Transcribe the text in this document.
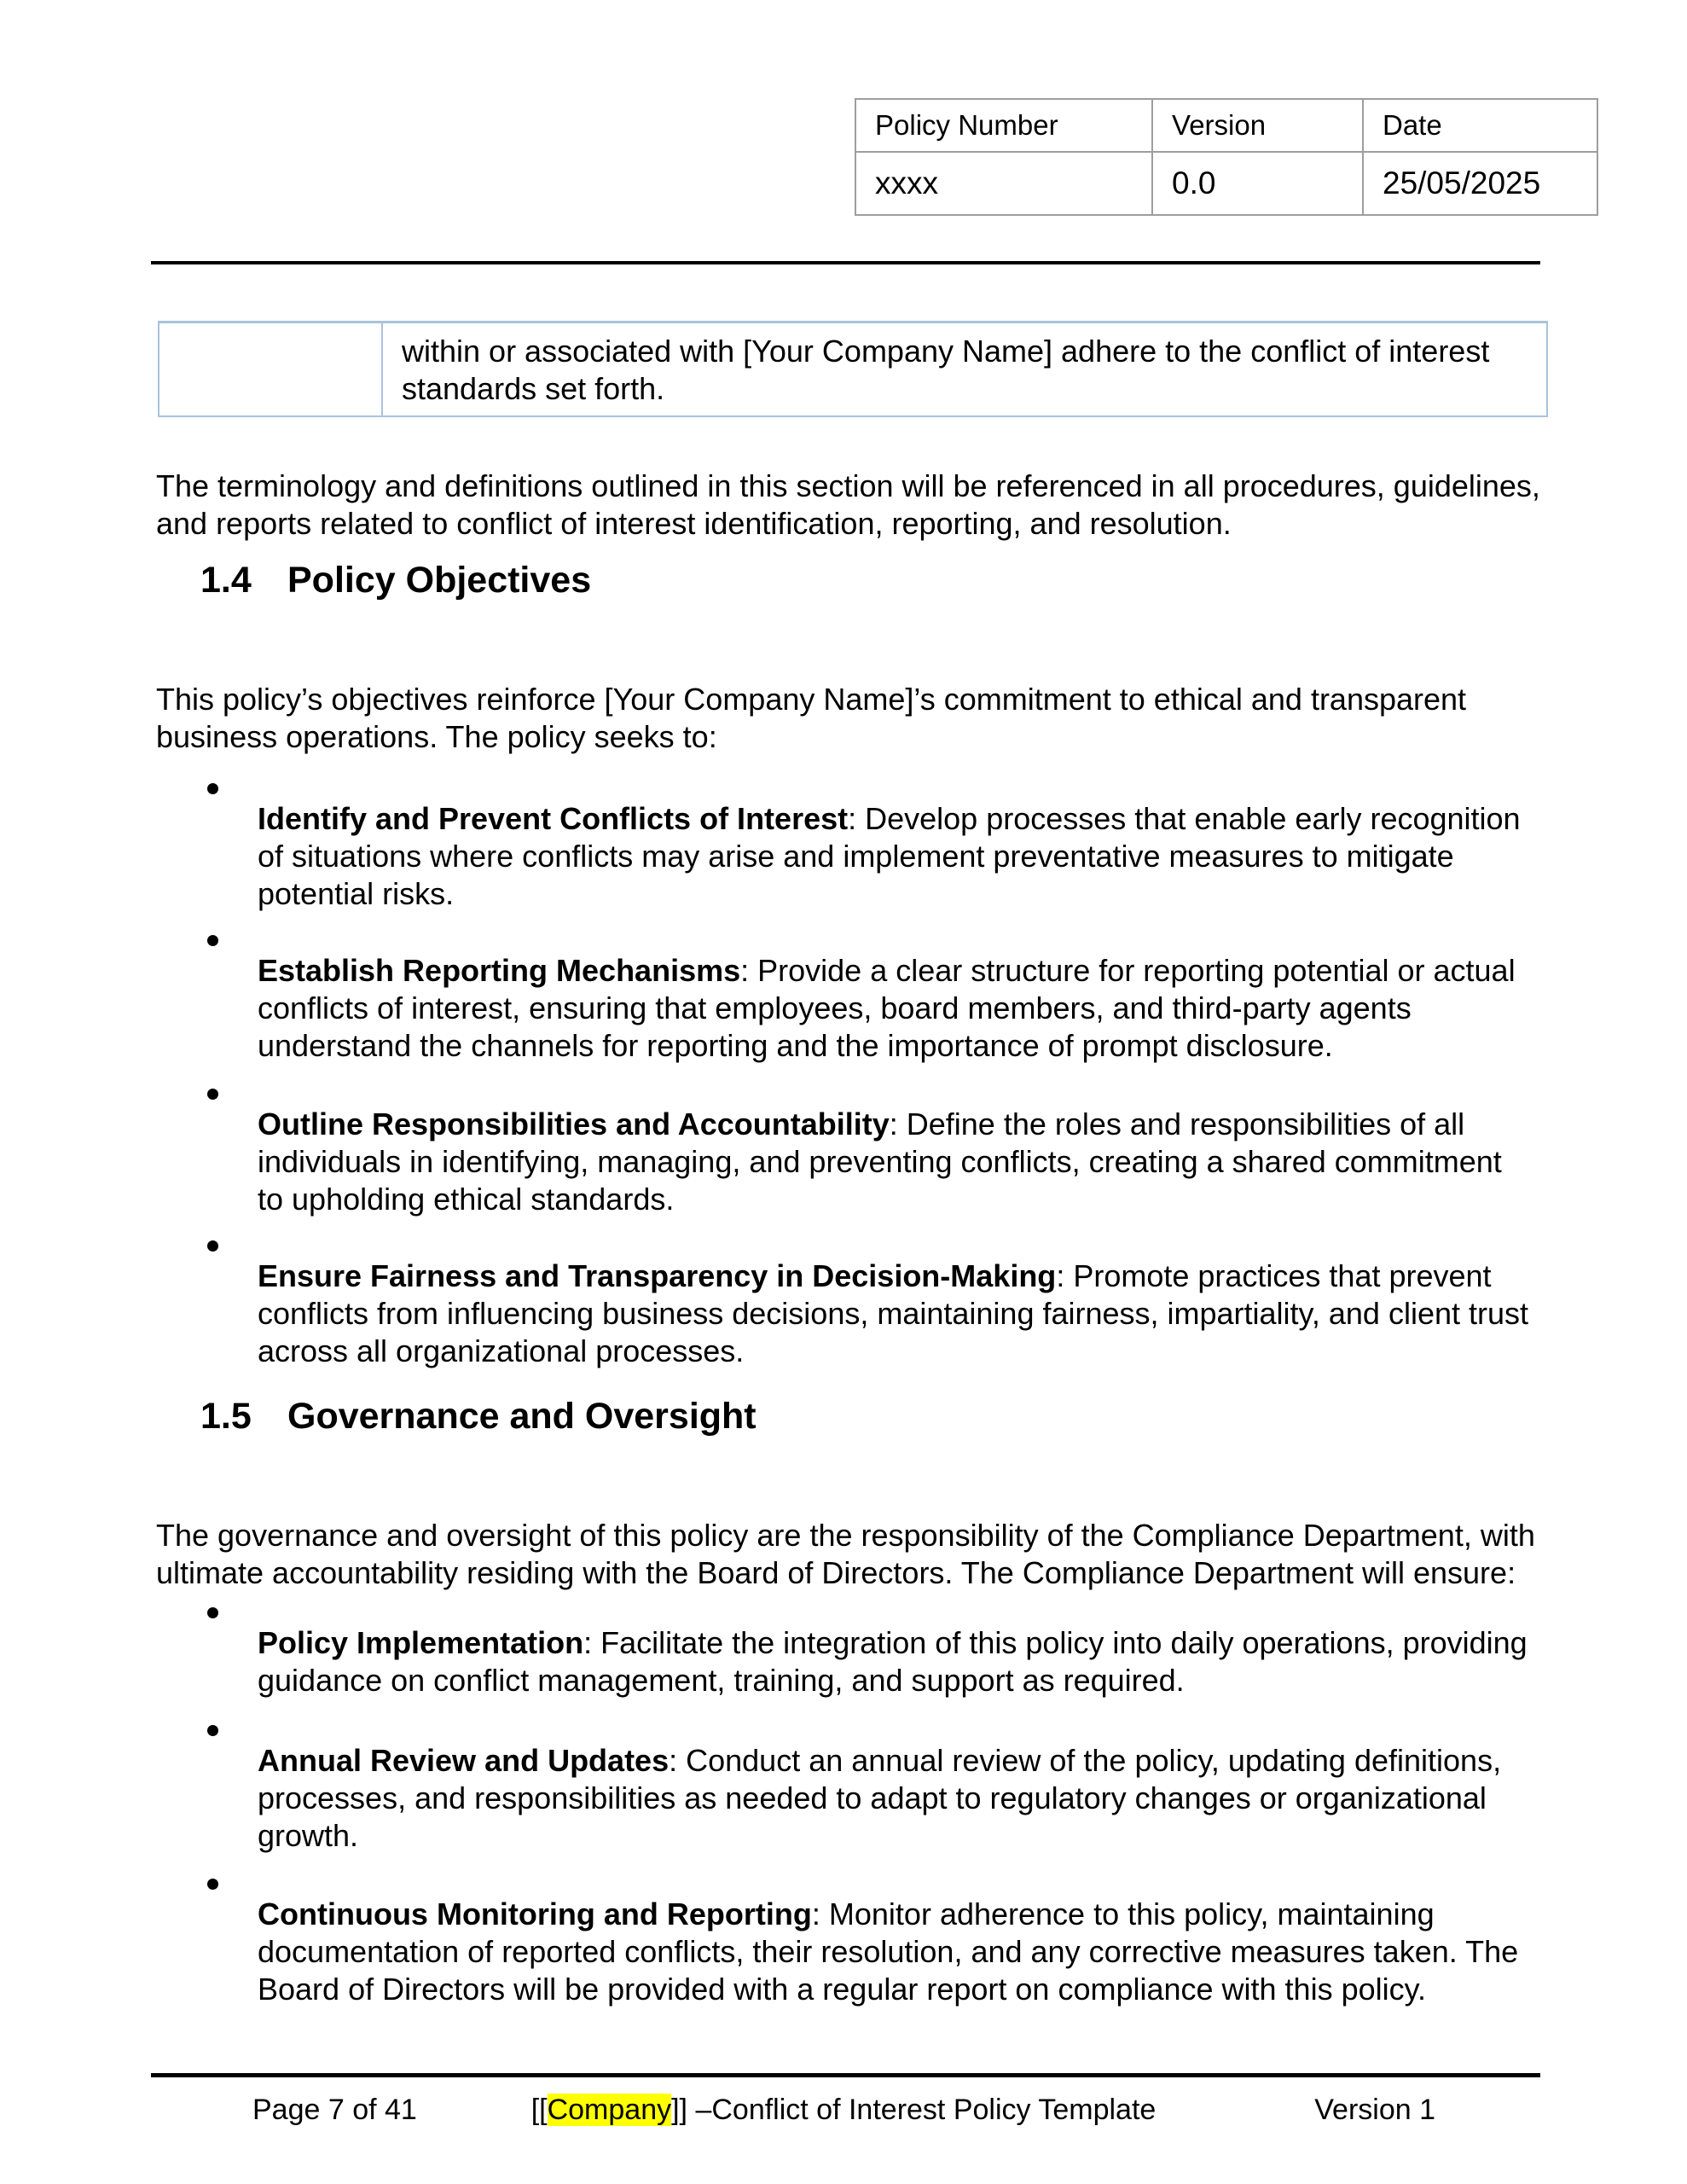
Policy Number	Version	Date
xxxx	0.0	25/05/2025
within or associated with [Your Company Name] adhere to the conflict of interest standards set forth.

The terminology and definitions outlined in this section will be referenced in all procedures, guidelines, and reports related to conflict of interest identification, reporting, and resolution.

1.4 Policy Objectives

This policy’s objectives reinforce [Your Company Name]’s commitment to ethical and transparent business operations. The policy seeks to:

Identify and Prevent Conflicts of Interest: Develop processes that enable early recognition of situations where conflicts may arise and implement preventative measures to mitigate potential risks.

Establish Reporting Mechanisms: Provide a clear structure for reporting potential or actual conflicts of interest, ensuring that employees, board members, and third-party agents understand the channels for reporting and the importance of prompt disclosure.

Outline Responsibilities and Accountability: Define the roles and responsibilities of all individuals in identifying, managing, and preventing conflicts, creating a shared commitment to upholding ethical standards.

Ensure Fairness and Transparency in Decision-Making: Promote practices that prevent conflicts from influencing business decisions, maintaining fairness, impartiality, and client trust across all organizational processes.

1.5 Governance and Oversight

The governance and oversight of this policy are the responsibility of the Compliance Department, with ultimate accountability residing with the Board of Directors. The Compliance Department will ensure:

Policy Implementation: Facilitate the integration of this policy into daily operations, providing guidance on conflict management, training, and support as required.

Annual Review and Updates: Conduct an annual review of the policy, updating definitions, processes, and responsibilities as needed to adapt to regulatory changes or organizational growth.

Continuous Monitoring and Reporting: Monitor adherence to this policy, maintaining documentation of reported conflicts, their resolution, and any corrective measures taken. The Board of Directors will be provided with a regular report on compliance with this policy.

Page 7 of 41	[[Company]] –Conflict of Interest Policy Template	Version 1
